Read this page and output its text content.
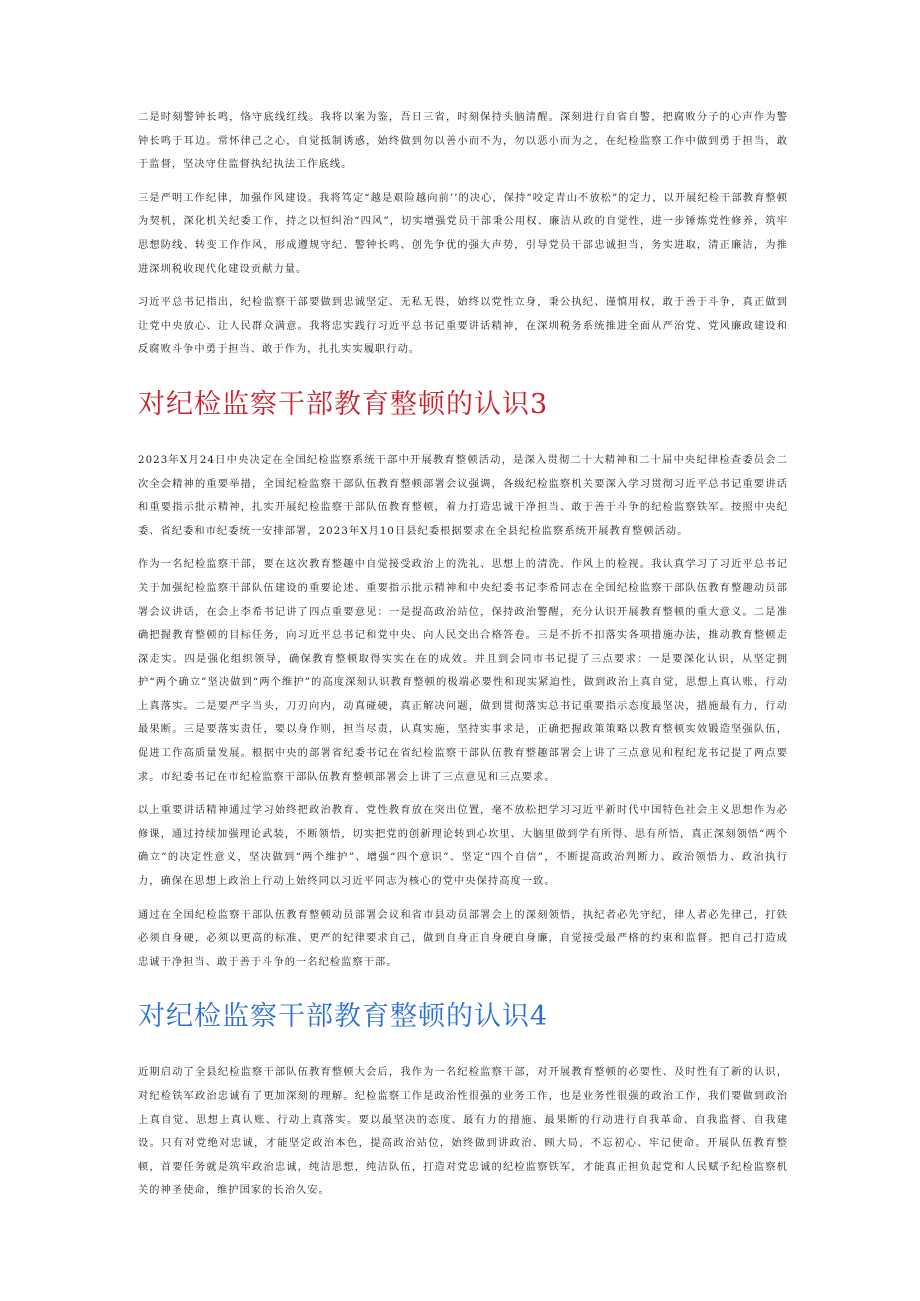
二是时刻警钟长鸣，恪守底线红线。我将以案为鉴，吾日三省，时刻保持头脑清醒。深刻进行自省自警，把腐败分子的心声作为警钟长鸣于耳边。常怀律己之心，自觉抵制诱惑，始终做到勿以善小而不为，勿以恶小而为之，在纪检监察工作中做到勇于担当，敢于监督，坚决守住监督执纪执法工作底线。

三是严明工作纪律，加强作风建设。我将笃定“越是艰险越向前’’的决心，保持“咬定青山不放松”的定力，以开展纪检干部教育整顿为契机，深化机关纪委工作，持之以恒纠治“四风”，切实增强党员干部秉公用权、廉洁从政的自觉性，进一步锤炼党性修养，筑牢思想防线、转变工作作风，形成遵规守纪、警钟长鸣、创先争优的强大声势，引导党员干部忠诚担当，务实进取，清正廉洁，为推进深圳税收现代化建设贡献力量。

习近平总书记指出，纪检监察干部要做到忠诚坚定、无私无畏，始终以党性立身，秉公执纪、谨慎用权，敢于善于斗争，真正做到让党中央放心、让人民群众满意。我将忠实践行习近平总书记重要讲话精神，在深圳税务系统推进全面从严治党、党风廉政建设和反腐败斗争中勇于担当、敢于作为，扎扎实实履职行动。

对纪检监察干部教育整顿的认识3

2023年X月24日中央决定在全国纪检监察系统干部中开展教育整顿活动，是深入贯彻二十大精神和二十届中央纪律检查委员会二次全会精神的重要举措，全国纪检监察干部队伍教育整顿部署会议强调，各级纪检监察机关要深入学习贯彻习近平总书记重要讲话和重要指示批示精神，扎实开展纪检监察干部队伍教育整顿，着力打造忠诚干净担当、敢于善于斗争的纪检监察铁军。按照中央纪委、省纪委和市纪委统一安排部署，2023年X月10日县纪委根据要求在全县纪检监察系统开展教育整顿活动。

作为一名纪检监察干部，要在这次教育整趣中自觉接受政治上的洗礼、思想上的清洗、作风上的检视。我认真学习了习近平总书记关于加强纪检监察干部队伍建设的重要论述、重要指示批示精神和中央纪委书记李希同志在全国纪检监察干部队伍教育整趣动员部署会议讲话，在会上李希书记讲了四点重要意见：一是提高政治站位，保持政治警醒，充分认识开展教育整顿的重大意义。二是准确把握教育整顿的目标任务，向习近平总书记和党中央、向人民交出合格答卷。三是不折不扣落实各项措施办法，推动教育整顿走深走实。四是强化组织领导，确保教育整顿取得实实在在的成效。并且到会同市书记提了三点要求：一是要深化认识，从坚定拥护“两个确立”坚决做到“两个维护”的高度深刻认识教育整顿的极端必要性和现实紧迫性，做到政治上真自觉，思想上真认账，行动上真落实。二是要严字当头，刀刃向内，动真碰硬，真正解决问题，做到贯彻落实总书记重要指示态度最坚决，措施最有力，行动最果断。三是要落实责任，要以身作则，担当尽责，认真实施，坚持实事求是，正确把握政策策略以教育整顿实效锻造坚强队伍，促进工作高质量发展。根据中央的部署省纪委书记在省纪检监察干部队伍教育整趣部署会上讲了三点意见和程纪龙书记提了两点要求。市纪委书记在市纪检监察干部队伍教育整顿部署会上讲了三点意见和三点要求。

以上重要讲话精神通过学习始终把政治教育、党性教育放在突出位置，毫不放松把学习习近平新时代中国特色社会主义思想作为必修课，通过持续加强理论武装，不断领悟，切实把党的创新理论转到心坎里、大脑里做到学有所得、思有所悟，真正深刻领悟“两个确立”的决定性意义，坚决做到“两个维护”、增强“四个意识”、坚定“四个自信”，不断提高政治判断力、政治领悟力、政治执行力，确保在思想上政治上行动上始终同以习近平同志为核心的党中央保持高度一致。

通过在全国纪检监察干部队伍教育整顿动员部署会议和省市县动员部署会上的深刻领悟，执纪者必先守纪，律人者必先律己，打铁必须自身硬，必须以更高的标准、更严的纪律要求自己，做到自身正自身硬自身廉，自觉接受最严格的约束和监督。把自己打造成忠诚干净担当、敢于善于斗争的一名纪检监察干部。

对纪检监察干部教育整顿的认识4

近期启动了全县纪检监察干部队伍教育整顿大会后，我作为一名纪检监察干部，对开展教育整顿的必要性、及时性有了新的认识，对纪检铁军政治忠诚有了更加深刻的理解。纪检监察工作是政治性很强的业务工作，也是业务性很强的政治工作，我们要做到政治上真自觉、思想上真认账、行动上真落实。要以最坚决的态度、最有力的措施、最果断的行动进行自我革命、自我监督、自我建设。只有对党绝对忠诚，才能坚定政治本色，提高政治站位，始终做到讲政治、顾大局，不忘初心、牢记使命。开展队伍教育整顿，首要任务就是筑牢政治忠诚，纯洁思想，纯洁队伍，打造对党忠诚的纪检监察铁军，才能真正担负起党和人民赋予纪检监察机关的神圣使命，维护国家的长治久安。
